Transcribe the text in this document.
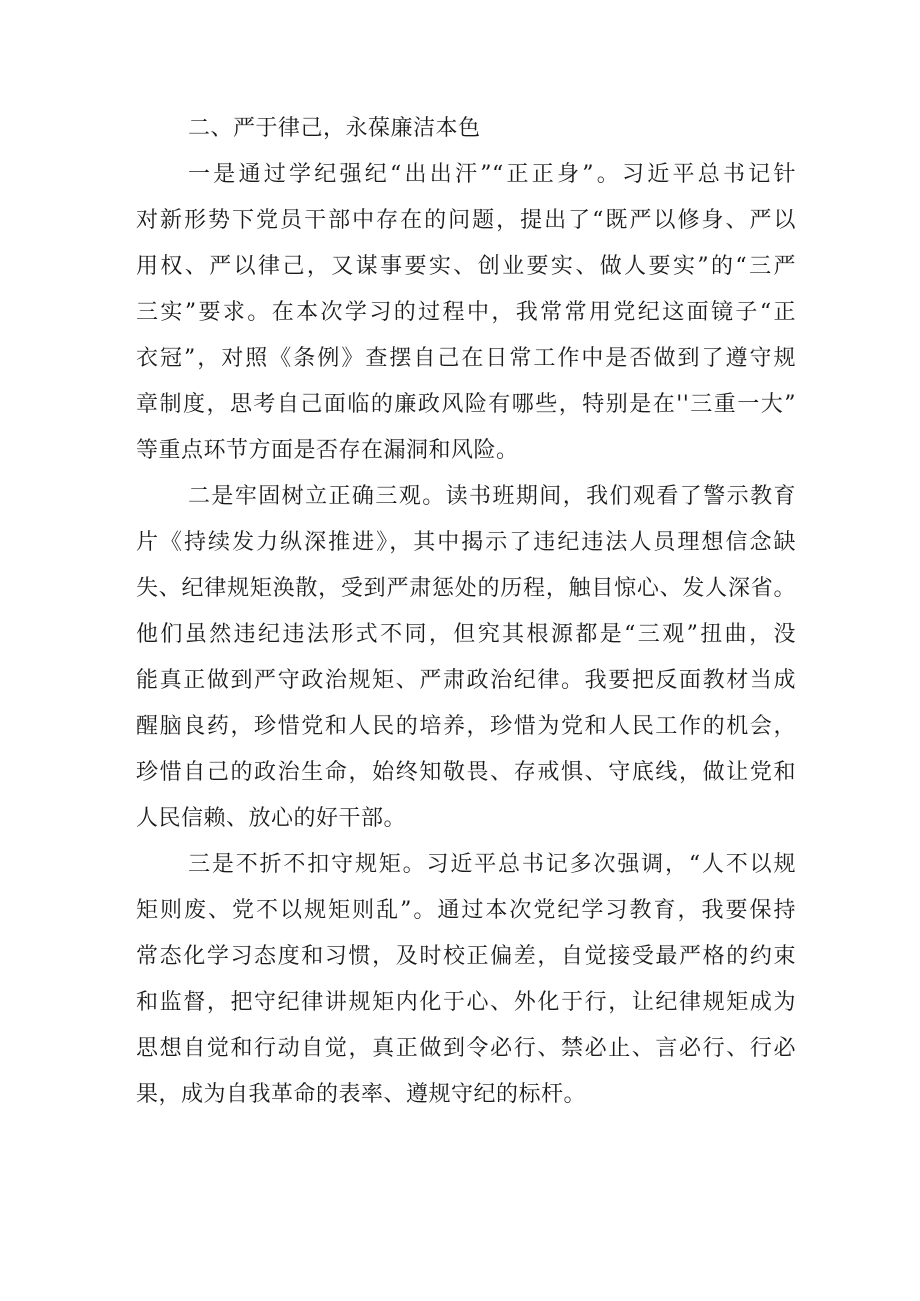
二、严于律己，永葆廉洁本色
一是通过学纪强纪“出出汗”“正正身”。习近平总书记针
对新形势下党员干部中存在的问题，提出了“既严以修身、严以
用权、严以律己，又谋事要实、创业要实、做人要实”的“三严
三实”要求。在本次学习的过程中，我常常用党纪这面镜子“正
衣冠”，对照《条例》查摆自己在日常工作中是否做到了遵守规
章制度，思考自己面临的廉政风险有哪些，特别是在''三重一大”
等重点环节方面是否存在漏洞和风险。
二是牢固树立正确三观。读书班期间，我们观看了警示教育
片《持续发力纵深推进》，其中揭示了违纪违法人员理想信念缺
失、纪律规矩涣散，受到严肃惩处的历程，触目惊心、发人深省。
他们虽然违纪违法形式不同，但究其根源都是“三观”扭曲，没
能真正做到严守政治规矩、严肃政治纪律。我要把反面教材当成
醒脑良药，珍惜党和人民的培养，珍惜为党和人民工作的机会，
珍惜自己的政治生命，始终知敬畏、存戒惧、守底线，做让党和
人民信赖、放心的好干部。
三是不折不扣守规矩。习近平总书记多次强调，“人不以规
矩则废、党不以规矩则乱”。通过本次党纪学习教育，我要保持
常态化学习态度和习惯，及时校正偏差，自觉接受最严格的约束
和监督，把守纪律讲规矩内化于心、外化于行，让纪律规矩成为
思想自觉和行动自觉，真正做到令必行、禁必止、言必行、行必
果，成为自我革命的表率、遵规守纪的标杆。
